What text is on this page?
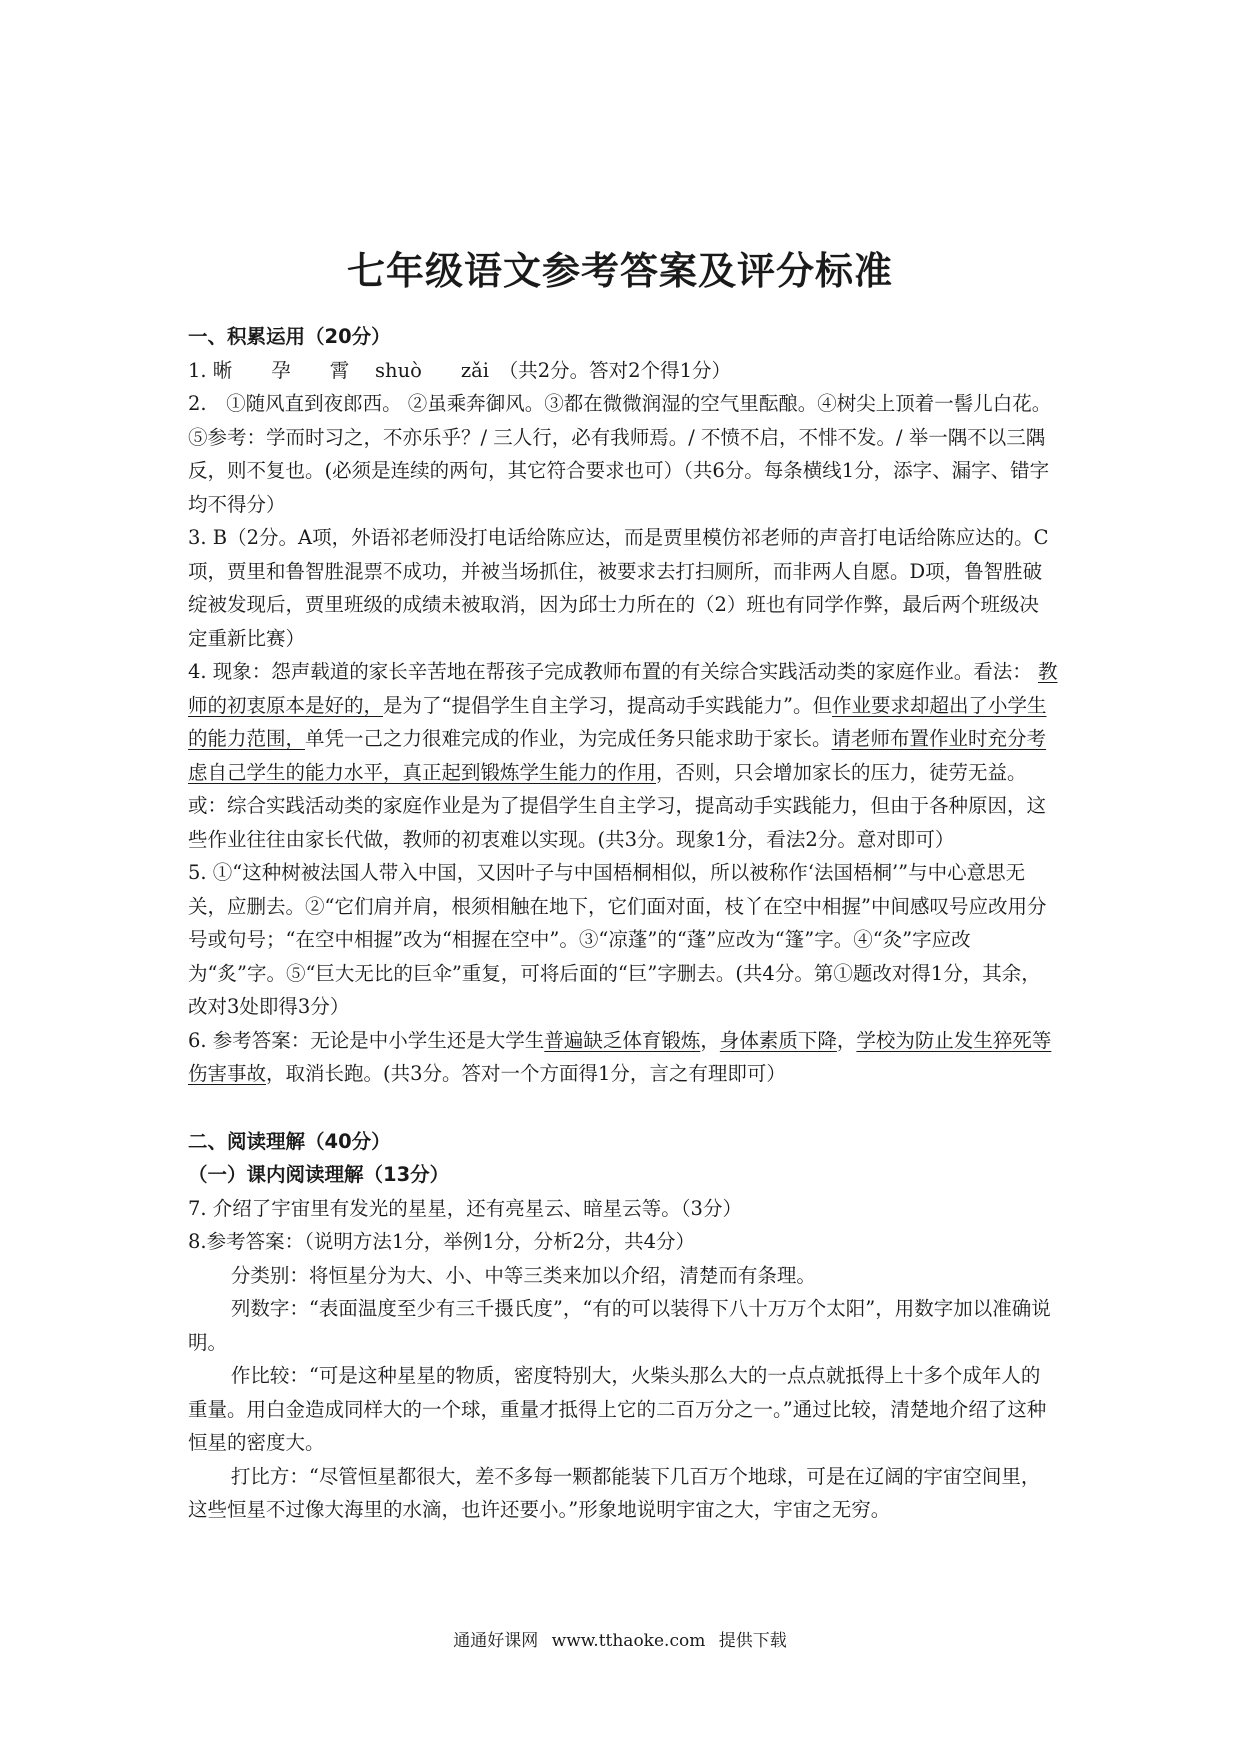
七年级语文参考答案及评分标准

一、积累运用（20分）

1. 晰　　孕　　霄　 shuò　　zǎi　（共2分。答对2个得1分）

2.　①随风直到夜郎西。 ②虽乘奔御风。③都在微微润湿的空气里酝酿。④树尖上顶着一髻儿白花。⑤参考：学而时习之，不亦乐乎？/ 三人行，必有我师焉。/ 不愤不启，不悱不发。/ 举一隅不以三隅反，则不复也。(必须是连续的两句，其它符合要求也可）（共6分。每条横线1分，添字、漏字、错字均不得分）

3. B（2分。A项，外语祁老师没打电话给陈应达，而是贾里模仿祁老师的声音打电话给陈应达的。C项，贾里和鲁智胜混票不成功，并被当场抓住，被要求去打扫厕所，而非两人自愿。D项，鲁智胜破绽被发现后，贾里班级的成绩未被取消，因为邱士力所在的（2）班也有同学作弊，最后两个班级决定重新比赛）

4. 现象：怨声载道的家长辛苦地在帮孩子完成教师布置的有关综合实践活动类的家庭作业。看法： 教师的初衷原本是好的，是为了“提倡学生自主学习，提高动手实践能力”。但作业要求却超出了小学生的能力范围，单凭一己之力很难完成的作业，为完成任务只能求助于家长。请老师布置作业时充分考虑自己学生的能力水平，真正起到锻炼学生能力的作用，否则，只会增加家长的压力，徒劳无益。或：综合实践活动类的家庭作业是为了提倡学生自主学习，提高动手实践能力，但由于各种原因，这些作业往往由家长代做，教师的初衷难以实现。(共3分。现象1分，看法2分。意对即可）

5. ①“这种树被法国人带入中国，又因叶子与中国梧桐相似，所以被称作‘法国梧桐’”与中心意思无关，应删去。②“它们肩并肩，根须相触在地下，它们面对面，枝丫在空中相握”中间感叹号应改用分号或句号；“在空中相握”改为“相握在空中”。③“凉蓬”的“蓬”应改为“篷”字。④“灸”字应改为“炙”字。⑤“巨大无比的巨伞”重复，可将后面的“巨”字删去。(共4分。第①题改对得1分，其余，改对3处即得3分）

6. 参考答案：无论是中小学生还是大学生普遍缺乏体育锻炼，身体素质下降，学校为防止发生猝死等伤害事故，取消长跑。(共3分。答对一个方面得1分，言之有理即可）

二、阅读理解（40分）

（一）课内阅读理解（13分）

7. 介绍了宇宙里有发光的星星，还有亮星云、暗星云等。（3分）

8.参考答案：（说明方法1分，举例1分，分析2分，共4分）

分类别：将恒星分为大、小、中等三类来加以介绍，清楚而有条理。

列数字：“表面温度至少有三千摄氏度”，“有的可以装得下八十万万个太阳”，用数字加以准确说明。

作比较：“可是这种星星的物质，密度特别大，火柴头那么大的一点点就抵得上十多个成年人的重量。用白金造成同样大的一个球，重量才抵得上它的二百万分之一。”通过比较，清楚地介绍了这种恒星的密度大。

打比方：“尽管恒星都很大，差不多每一颗都能装下几百万个地球，可是在辽阔的宇宙空间里，这些恒星不过像大海里的水滴，也许还要小。”形象地说明宇宙之大，宇宙之无穷。

通通好课网 www.tthaoke.com 提供下载
